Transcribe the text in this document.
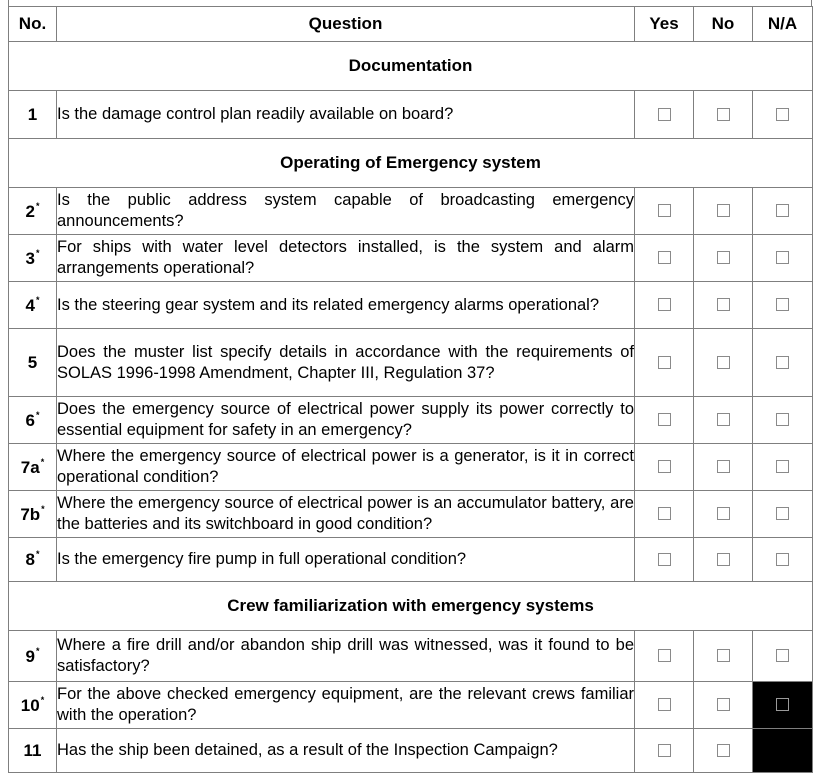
No.	Question	Yes	No	N/A
Documentation				
1	Is the damage control plan readily available on board?			
Operating of Emergency system				
2*	Is the public address system capable of broadcasting emergency announcements?			
3*	For ships with water level detectors installed, is the system and alarm arrangements operational?			
4*	Is the steering gear system and its related emergency alarms operational?			
5	Does the muster list specify details in accordance with the requirements of SOLAS 1996-1998 Amendment, Chapter III, Regulation 37?			
6*	Does the emergency source of electrical power supply its power correctly to essential equipment for safety in an emergency?			
7a*	Where the emergency source of electrical power is a generator, is it in correct operational condition?			
7b*	Where the emergency source of electrical power is an accumulator battery, are the batteries and its switchboard in good condition?			
8*	Is the emergency fire pump in full operational condition?			
Crew familiarization with emergency systems				
9*	Where a fire drill and/or abandon ship drill was witnessed, was it found to be satisfactory?			
10*	For the above checked emergency equipment, are the relevant crews familiar with the operation?			
11	Has the ship been detained, as a result of the Inspection Campaign?			
